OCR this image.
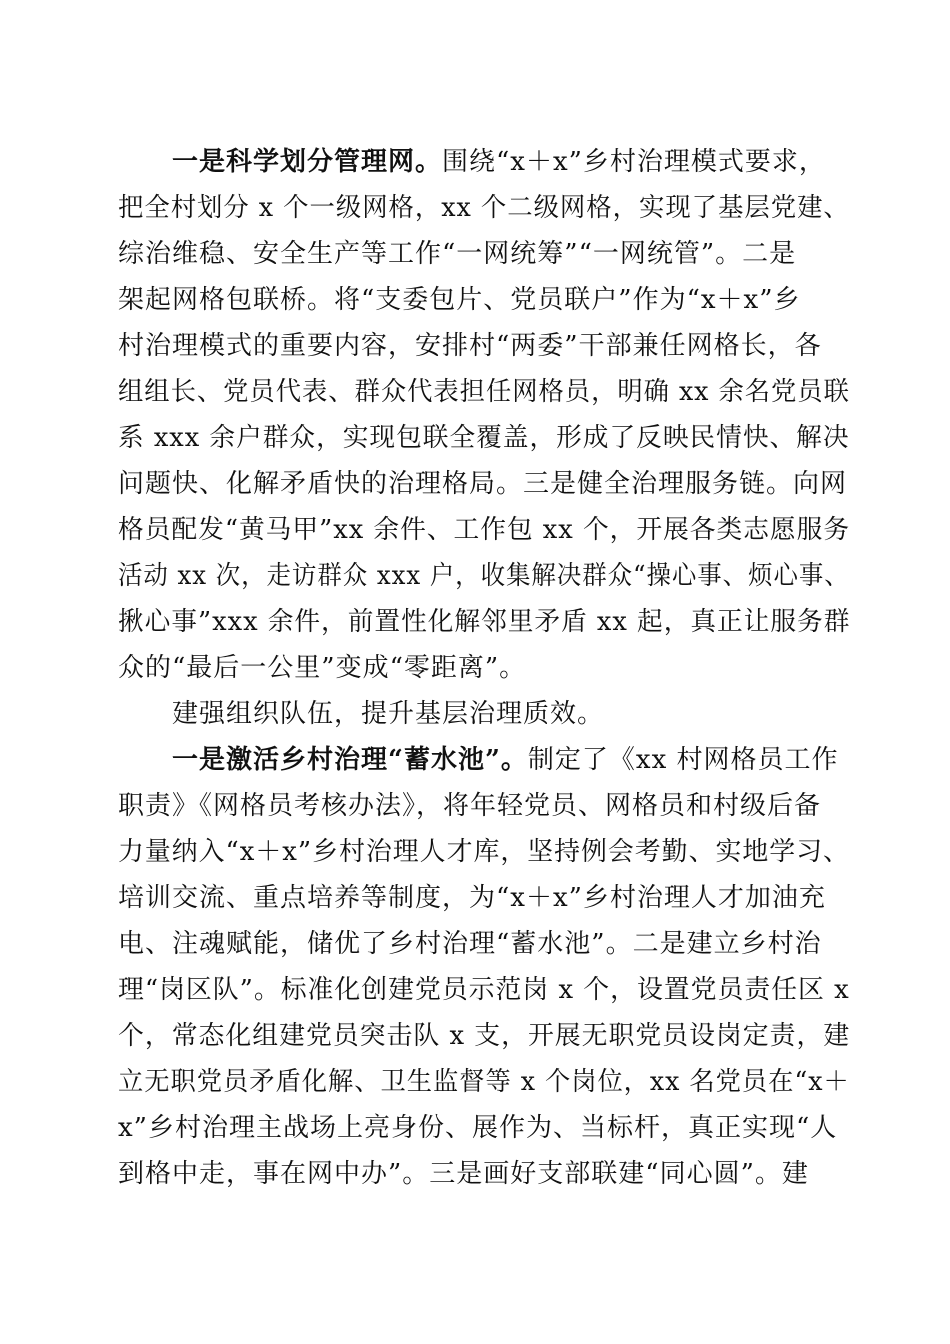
一是科学划分管理网。围绕“x＋x”乡村治理模式要求，
把全村划分 x 个一级网格，xx 个二级网格，实现了基层党建、
综治维稳、安全生产等工作“一网统筹”“一网统管”。二是
架起网格包联桥。将“支委包片、党员联户”作为“x＋x”乡
村治理模式的重要内容，安排村“两委”干部兼任网格长，各
组组长、党员代表、群众代表担任网格员，明确 xx 余名党员联
系 xxx 余户群众，实现包联全覆盖，形成了反映民情快、解决
问题快、化解矛盾快的治理格局。三是健全治理服务链。向网
格员配发“黄马甲”xx 余件、工作包 xx 个，开展各类志愿服务
活动 xx 次，走访群众 xxx 户，收集解决群众“操心事、烦心事、
揪心事”xxx 余件，前置性化解邻里矛盾 xx 起，真正让服务群
众的“最后一公里”变成“零距离”。
建强组织队伍，提升基层治理质效。
一是激活乡村治理“蓄水池”。制定了《xx 村网格员工作
职责》《网格员考核办法》，将年轻党员、网格员和村级后备
力量纳入“x＋x”乡村治理人才库，坚持例会考勤、实地学习、
培训交流、重点培养等制度，为“x＋x”乡村治理人才加油充
电、注魂赋能，储优了乡村治理“蓄水池”。二是建立乡村治
理“岗区队”。标准化创建党员示范岗 x 个，设置党员责任区 x
个，常态化组建党员突击队 x 支，开展无职党员设岗定责，建
立无职党员矛盾化解、卫生监督等 x 个岗位，xx 名党员在“x＋
x”乡村治理主战场上亮身份、展作为、当标杆，真正实现“人
到格中走，事在网中办”。三是画好支部联建“同心圆”。建
